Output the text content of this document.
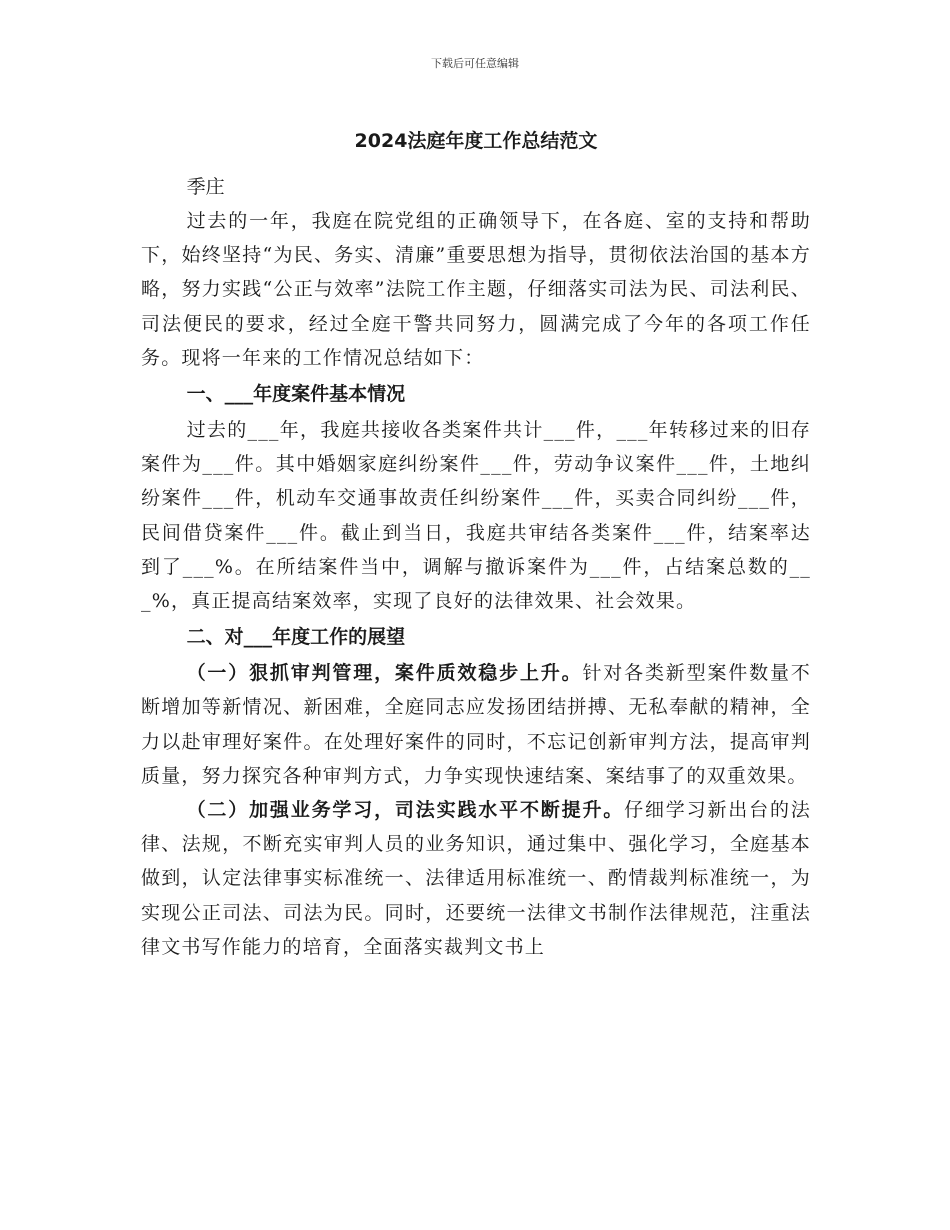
下载后可任意编辑
2024法庭年度工作总结范文
季庄

过去的一年，我庭在院党组的正确领导下，在各庭、室的支持和帮助下，始终坚持“为民、务实、清廉”重要思想为指导，贯彻依法治国的基本方略，努力实践“公正与效率”法院工作主题，仔细落实司法为民、司法利民、司法便民的要求，经过全庭干警共同努力，圆满完成了今年的各项工作任务。现将一年来的工作情况总结如下：

一、___年度案件基本情况

过去的___年，我庭共接收各类案件共计___件，___年转移过来的旧存案件为___件。其中婚姻家庭纠纷案件___件，劳动争议案件___件，土地纠纷案件___件，机动车交通事故责任纠纷案件___件，买卖合同纠纷___件，民间借贷案件___件。截止到当日，我庭共审结各类案件___件，结案率达到了___%。在所结案件当中，调解与撤诉案件为___件，占结案总数的___%，真正提高结案效率，实现了良好的法律效果、社会效果。

二、对___年度工作的展望

（一）狠抓审判管理，案件质效稳步上升。针对各类新型案件数量不断增加等新情况、新困难，全庭同志应发扬团结拼搏、无私奉献的精神，全力以赴审理好案件。在处理好案件的同时，不忘记创新审判方法，提高审判质量，努力探究各种审判方式，力争实现快速结案、案结事了的双重效果。

（二）加强业务学习，司法实践水平不断提升。仔细学习新出台的法律、法规，不断充实审判人员的业务知识，通过集中、强化学习，全庭基本做到，认定法律事实标准统一、法律适用标准统一、酌情裁判标准统一，为实现公正司法、司法为民。同时，还要统一法律文书制作法律规范，注重法律文书写作能力的培育，全面落实裁判文书上
